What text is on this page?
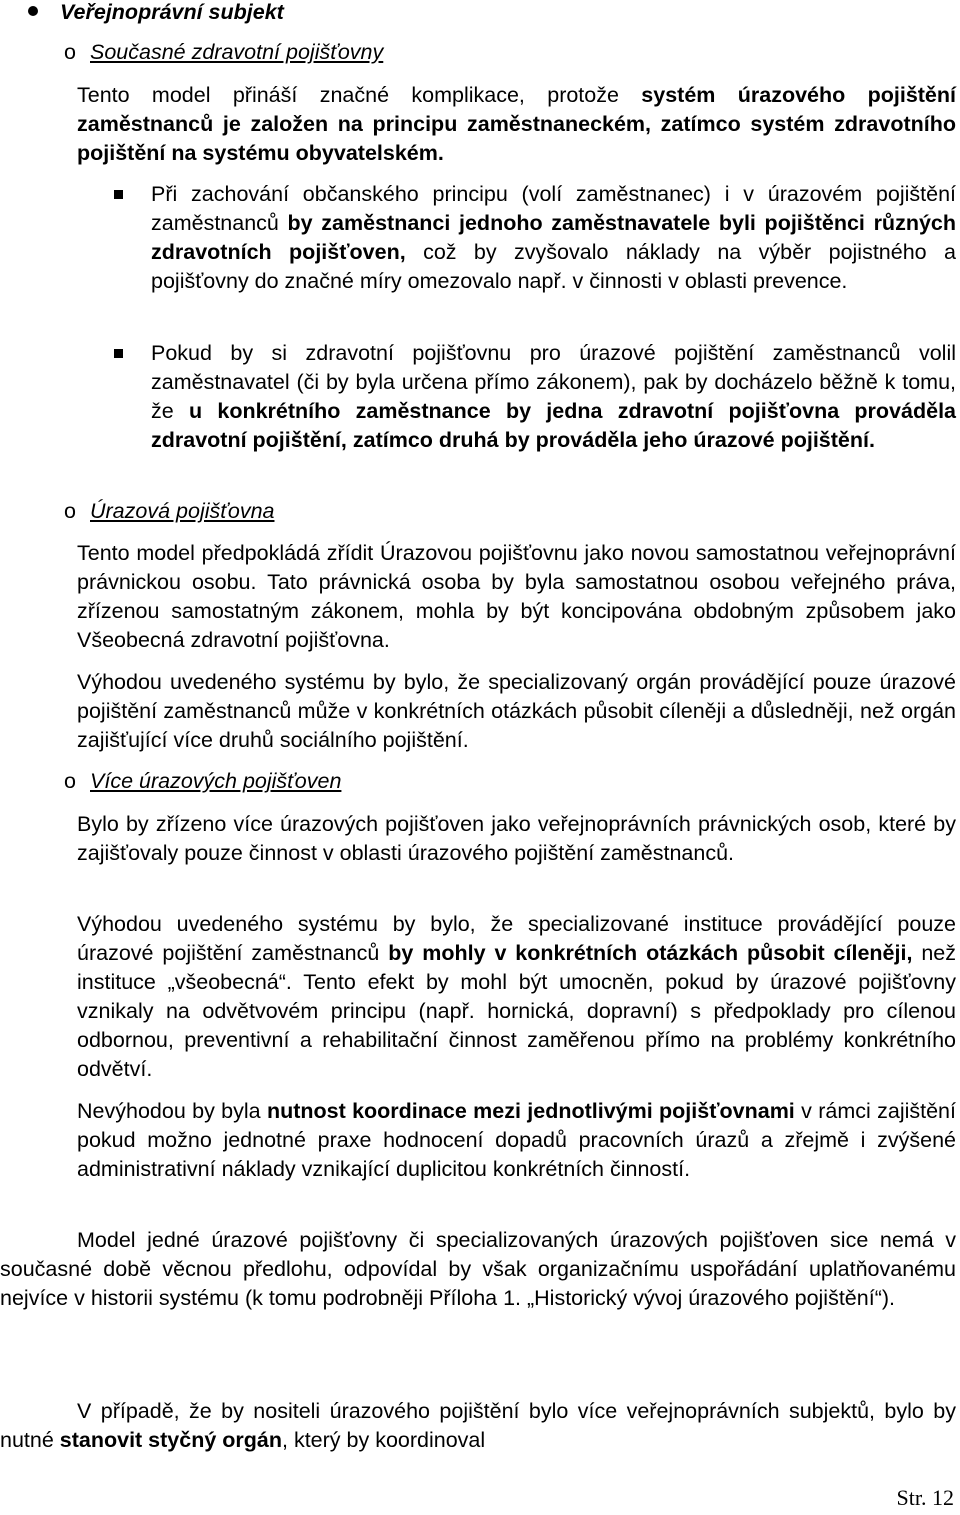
Veřejnoprávní subjekt
o Současné zdravotní pojišťovny

Tento model přináší značné komplikace, protože systém úrazového pojištění zaměstnanců je založen na principu zaměstnaneckém, zatímco systém zdravotního pojištění na systému obyvatelském.

Při zachování občanského principu (volí zaměstnanec) i v úrazovém pojištění zaměstnanců by zaměstnanci jednoho zaměstnavatele byli pojištěnci různých zdravotních pojišťoven, což by zvyšovalo náklady na výběr pojistného a pojišťovny do značné míry omezovalo např. v činnosti v oblasti prevence.

Pokud by si zdravotní pojišťovnu pro úrazové pojištění zaměstnanců volil zaměstnavatel (či by byla určena přímo zákonem), pak by docházelo běžně k tomu, že u konkrétního zaměstnance by jedna zdravotní pojišťovna prováděla zdravotní pojištění, zatímco druhá by prováděla jeho úrazové pojištění.

o Úrazová pojišťovna

Tento model předpokládá zřídit Úrazovou pojišťovnu jako novou samostatnou veřejnoprávní právnickou osobu. Tato právnická osoba by byla samostatnou osobou veřejného práva, zřízenou samostatným zákonem, mohla by být koncipována obdobným způsobem jako Všeobecná zdravotní pojišťovna.

Výhodou uvedeného systému by bylo, že specializovaný orgán provádějící pouze úrazové pojištění zaměstnanců může v konkrétních otázkách působit cíleněji a důsledněji, než orgán zajišťující více druhů sociálního pojištění.

o Více úrazových pojišťoven

Bylo by zřízeno více úrazových pojišťoven jako veřejnoprávních právnických osob, které by zajišťovaly pouze činnost v oblasti úrazového pojištění zaměstnanců.

Výhodou uvedeného systému by bylo, že specializované instituce provádějící pouze úrazové pojištění zaměstnanců by mohly v konkrétních otázkách působit cíleněji, než instituce „všeobecná“. Tento efekt by mohl být umocněn, pokud by úrazové pojišťovny vznikaly na odvětvovém principu (např. hornická, dopravní) s předpoklady pro cílenou odbornou, preventivní a rehabilitační činnost zaměřenou přímo na problémy konkrétního odvětví.

Nevýhodou by byla nutnost koordinace mezi jednotlivými pojišťovnami v rámci zajištění pokud možno jednotné praxe hodnocení dopadů pracovních úrazů a zřejmě i zvýšené administrativní náklady vznikající duplicitou konkrétních činností.

Model jedné úrazové pojišťovny či specializovaných úrazových pojišťoven sice nemá v současné době věcnou předlohu, odpovídal by však organizačnímu uspořádání uplatňovanému nejvíce v historii systému (k tomu podrobněji Příloha 1. „Historický vývoj úrazového pojištění“).

V případě, že by nositeli úrazového pojištění bylo více veřejnoprávních subjektů, bylo by nutné stanovit styčný orgán, který by koordinoval

Str. 12
